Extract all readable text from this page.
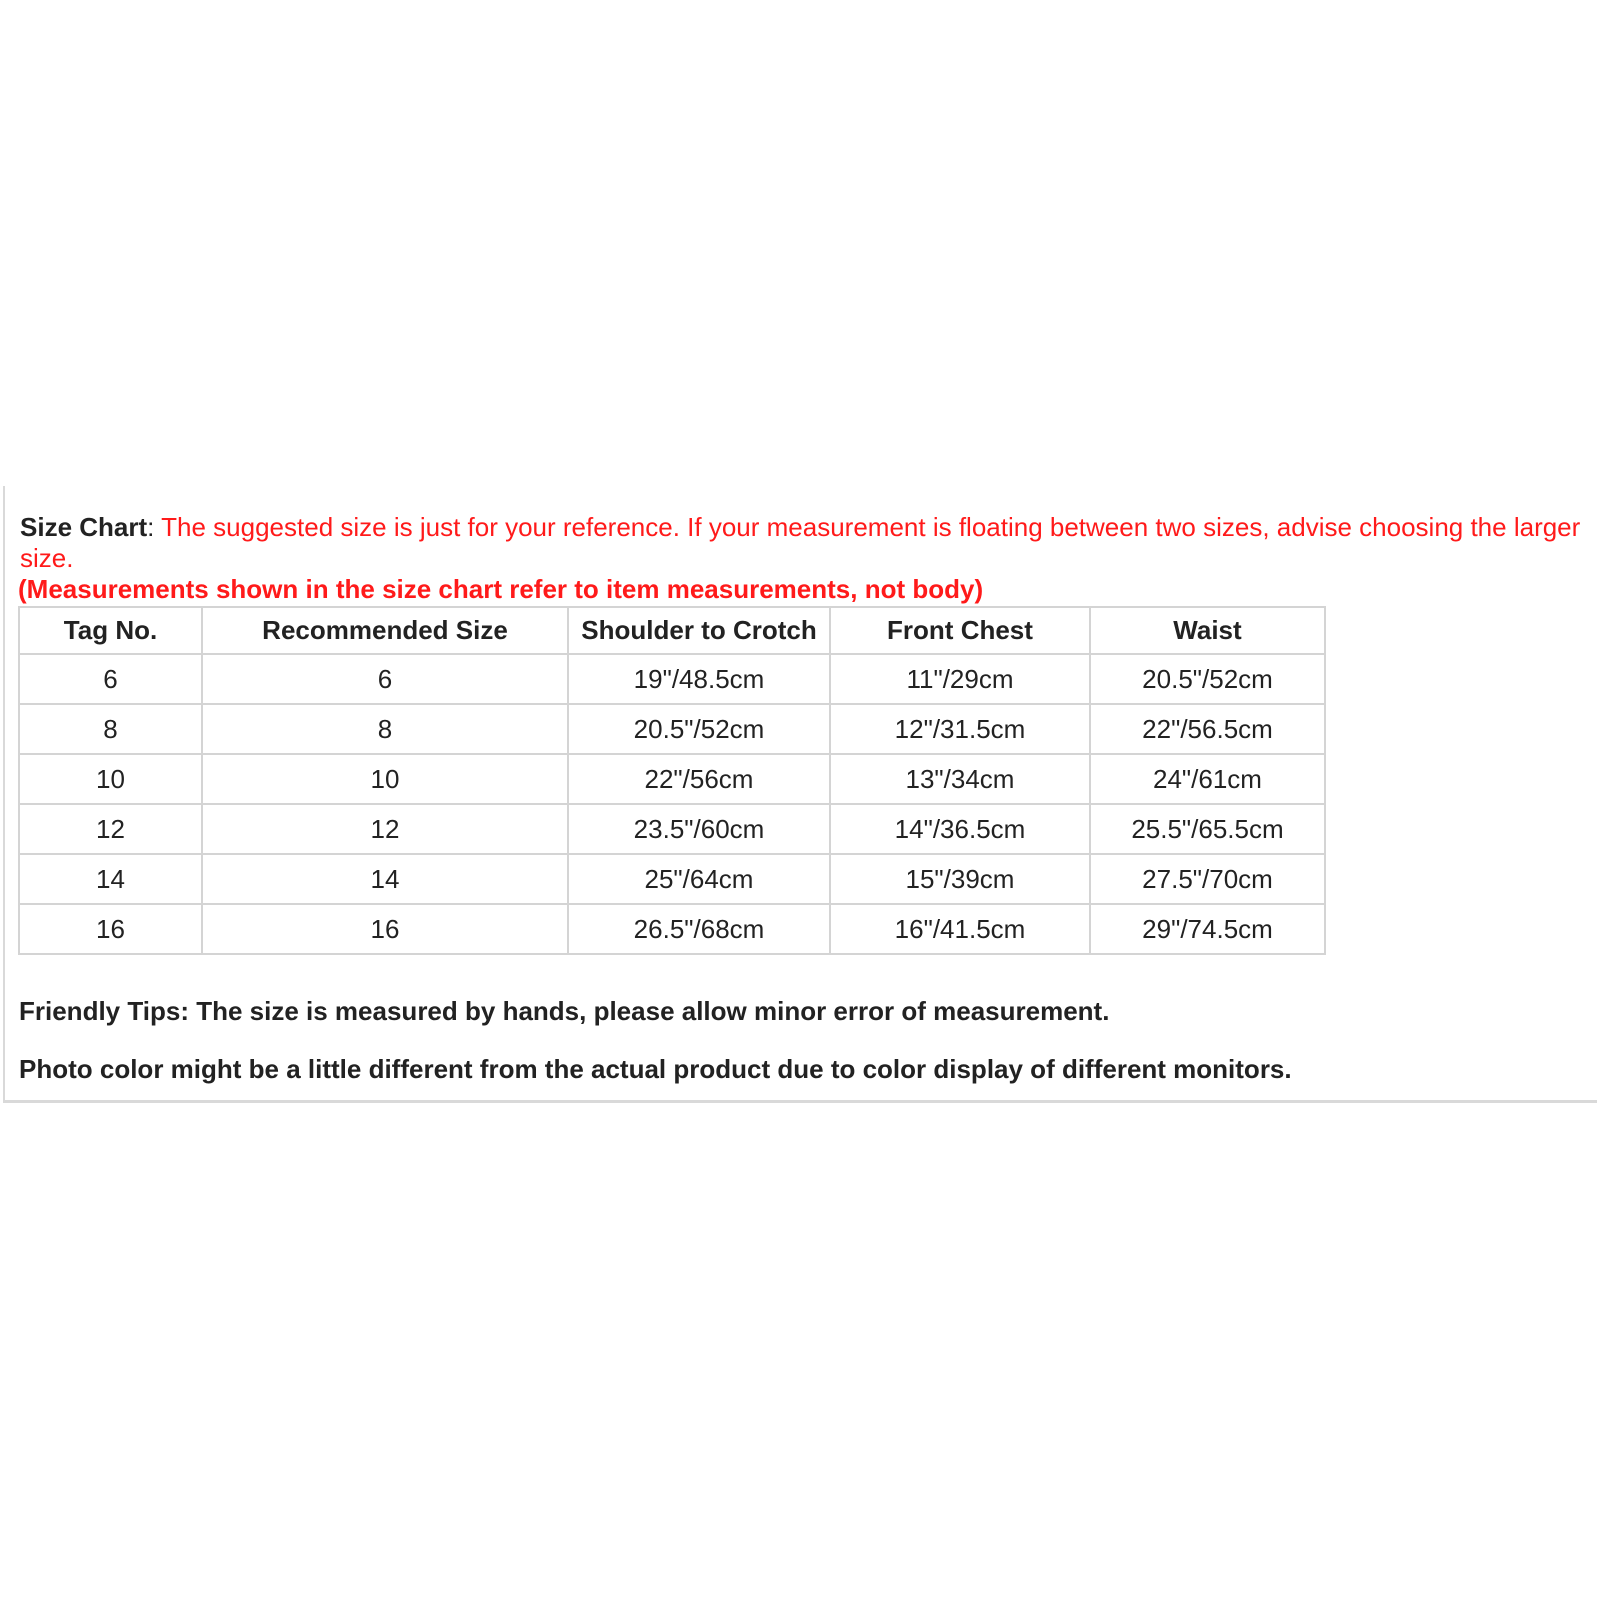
Size Chart: The suggested size is just for your reference. If your measurement is floating between two sizes, advise choosing the larger size.
(Measurements shown in the size chart refer to item measurements, not body)
Tag No.	Recommended Size	Shoulder to Crotch	Front Chest	Waist
6	6	19"/48.5cm	11"/29cm	20.5"/52cm
8	8	20.5"/52cm	12"/31.5cm	22"/56.5cm
10	10	22"/56cm	13"/34cm	24"/61cm
12	12	23.5"/60cm	14"/36.5cm	25.5"/65.5cm
14	14	25"/64cm	15"/39cm	27.5"/70cm
16	16	26.5"/68cm	16"/41.5cm	29"/74.5cm
Friendly Tips: The size is measured by hands, please allow minor error of measurement.
Photo color might be a little different from the actual product due to color display of different monitors.
